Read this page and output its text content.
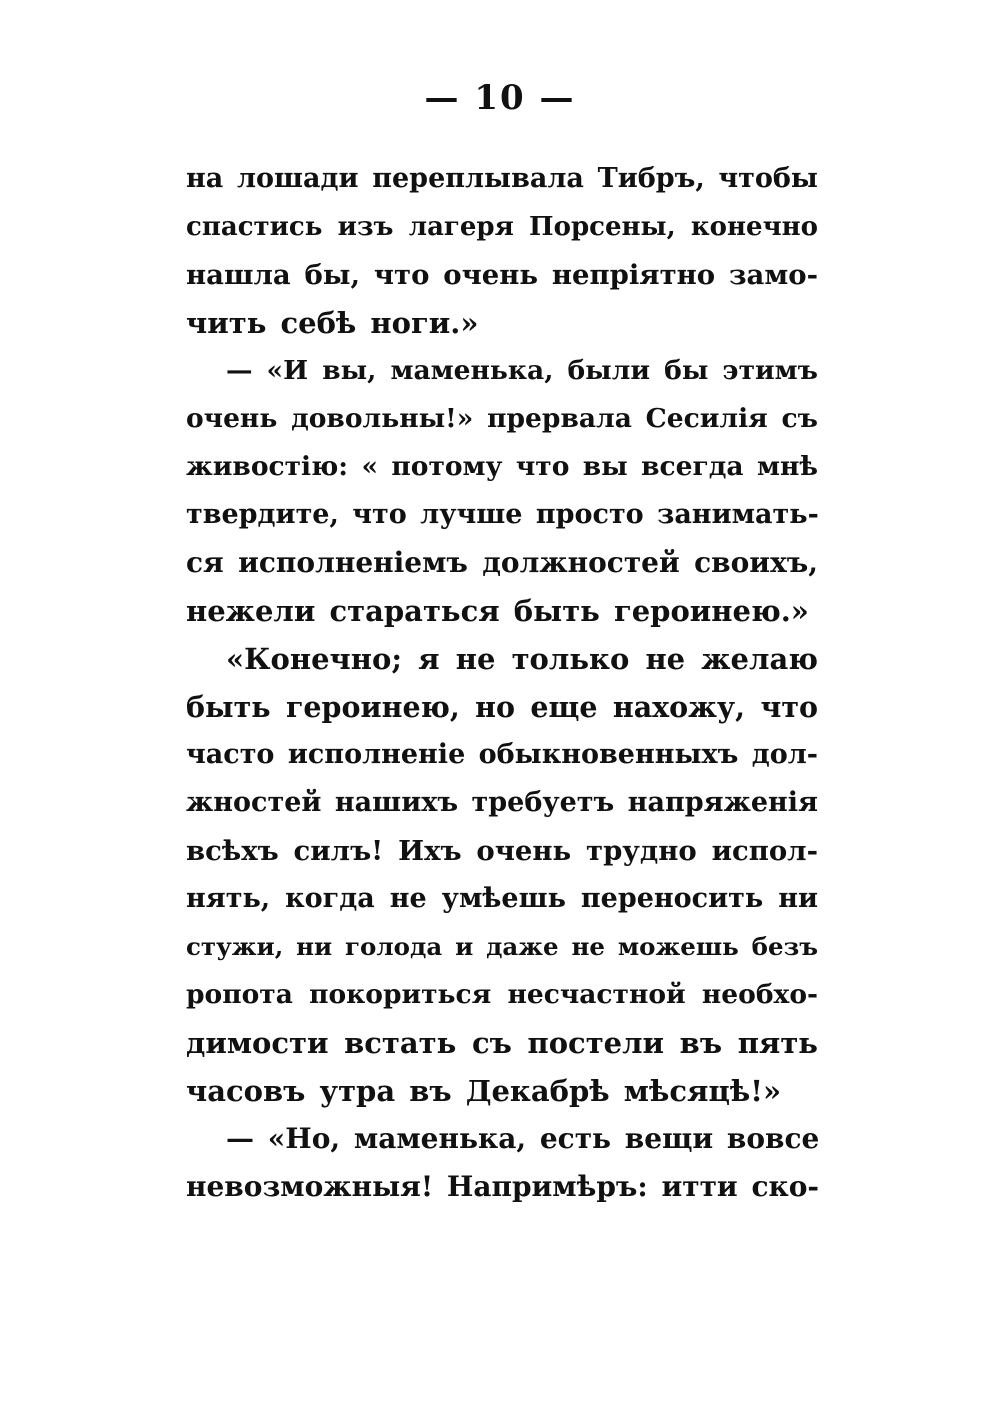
— 10 —
на лошади переплывала Тибръ, чтобы
спастись изъ лагеря Порсены, конечно
нашла бы, что очень непріятно замо-
чить себѣ ноги.»
— «И вы, маменька, были бы этимъ
очень довольны!» прервала Сесилія съ
живостію: « потому что вы всегда мнѣ
твердите, что лучше просто занимать-
ся исполненіемъ должностей своихъ,
нежели стараться быть героинею.»
«Конечно; я не только не желаю
быть героинею, но еще нахожу, что
часто исполненіе обыкновенныхъ дол-
жностей нашихъ требуетъ напряженія
всѣхъ силъ! Ихъ очень трудно испол-
нять, когда не умѣешь переносить ни
стужи, ни голода и даже не можешь безъ
ропота покориться несчастной необхо-
димости встать съ постели въ пять
часовъ утра въ Декабрѣ мѣсяцѣ!»
— «Но, маменька, есть вещи вовсе
невозможныя! Напримѣръ: итти ско-
